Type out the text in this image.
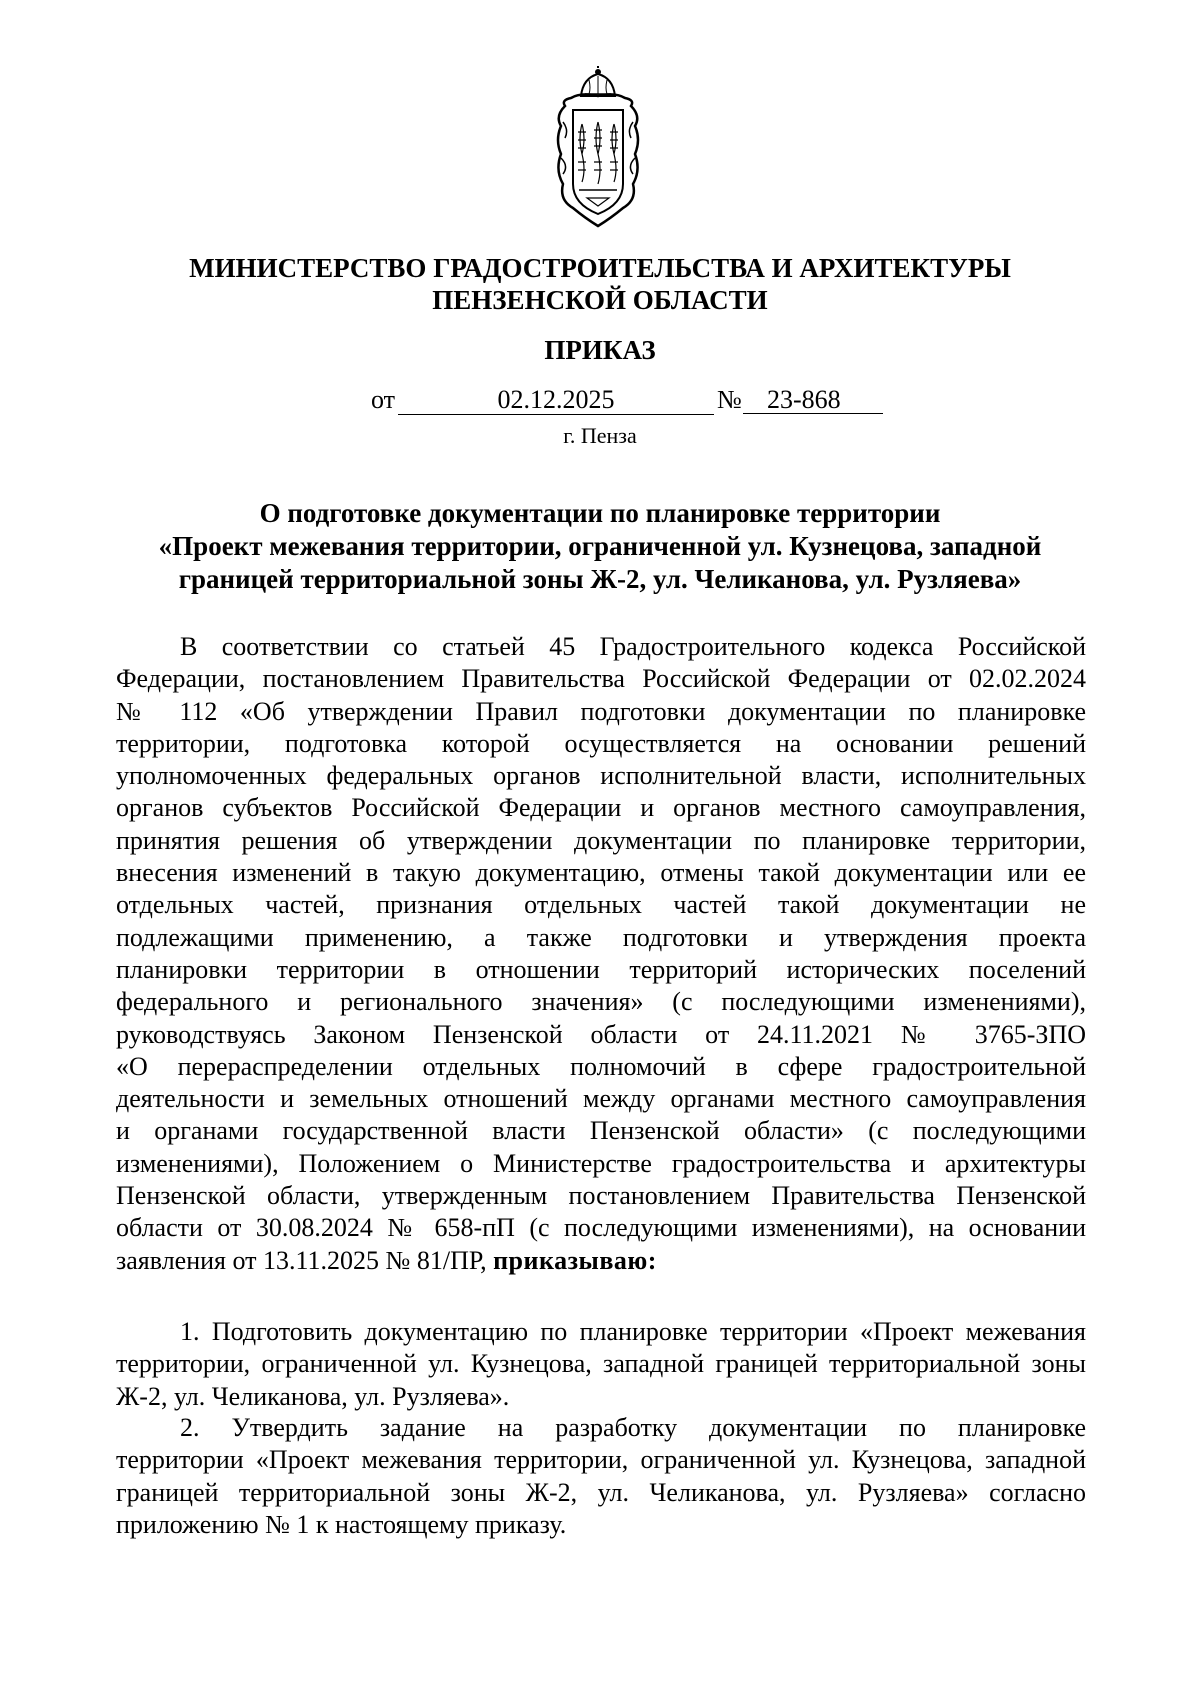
МИНИСТЕРСТВО ГРАДОСТРОИТЕЛЬСТВА И АРХИТЕКТУРЫ
ПЕНЗЕНСКОЙ ОБЛАСТИ
ПРИКАЗ
от	02.12.2025	№ 23-868
г. Пенза
О подготовке документации по планировке территории
«Проект межевания территории, ограниченной ул. Кузнецова, западной
границей территориальной зоны Ж-2, ул. Челиканова, ул. Рузляева»
В соответствии со статьей 45 Градостроительного кодекса Российской
Федерации, постановлением Правительства Российской Федерации от 02.02.2024
№ 112 «Об утверждении Правил подготовки документации по планировке
территории, подготовка которой осуществляется на основании решений
уполномоченных федеральных органов исполнительной власти, исполнительных
органов субъектов Российской Федерации и органов местного самоуправления,
принятия решения об утверждении документации по планировке территории,
внесения изменений в такую документацию, отмены такой документации или ее
отдельных частей, признания отдельных частей такой документации не
подлежащими применению, а также подготовки и утверждения проекта
планировки территории в отношении территорий исторических поселений
федерального и регионального значения» (с последующими изменениями),
руководствуясь Законом Пензенской области от 24.11.2021 № 3765-ЗПО
«О перераспределении отдельных полномочий в сфере градостроительной
деятельности и земельных отношений между органами местного самоуправления
и органами государственной власти Пензенской области» (с последующими
изменениями), Положением о Министерстве градостроительства и архитектуры
Пензенской области, утвержденным постановлением Правительства Пензенской
области от 30.08.2024 № 658-пП (с последующими изменениями), на основании
заявления от 13.11.2025 № 81/ПР, приказываю:
1. Подготовить документацию по планировке территории «Проект межевания
территории, ограниченной ул. Кузнецова, западной границей территориальной зоны
Ж-2, ул. Челиканова, ул. Рузляева».
2. Утвердить задание на разработку документации по планировке
территории «Проект межевания территории, ограниченной ул. Кузнецова, западной
границей территориальной зоны Ж-2, ул. Челиканова, ул. Рузляева» согласно
приложению № 1 к настоящему приказу.
